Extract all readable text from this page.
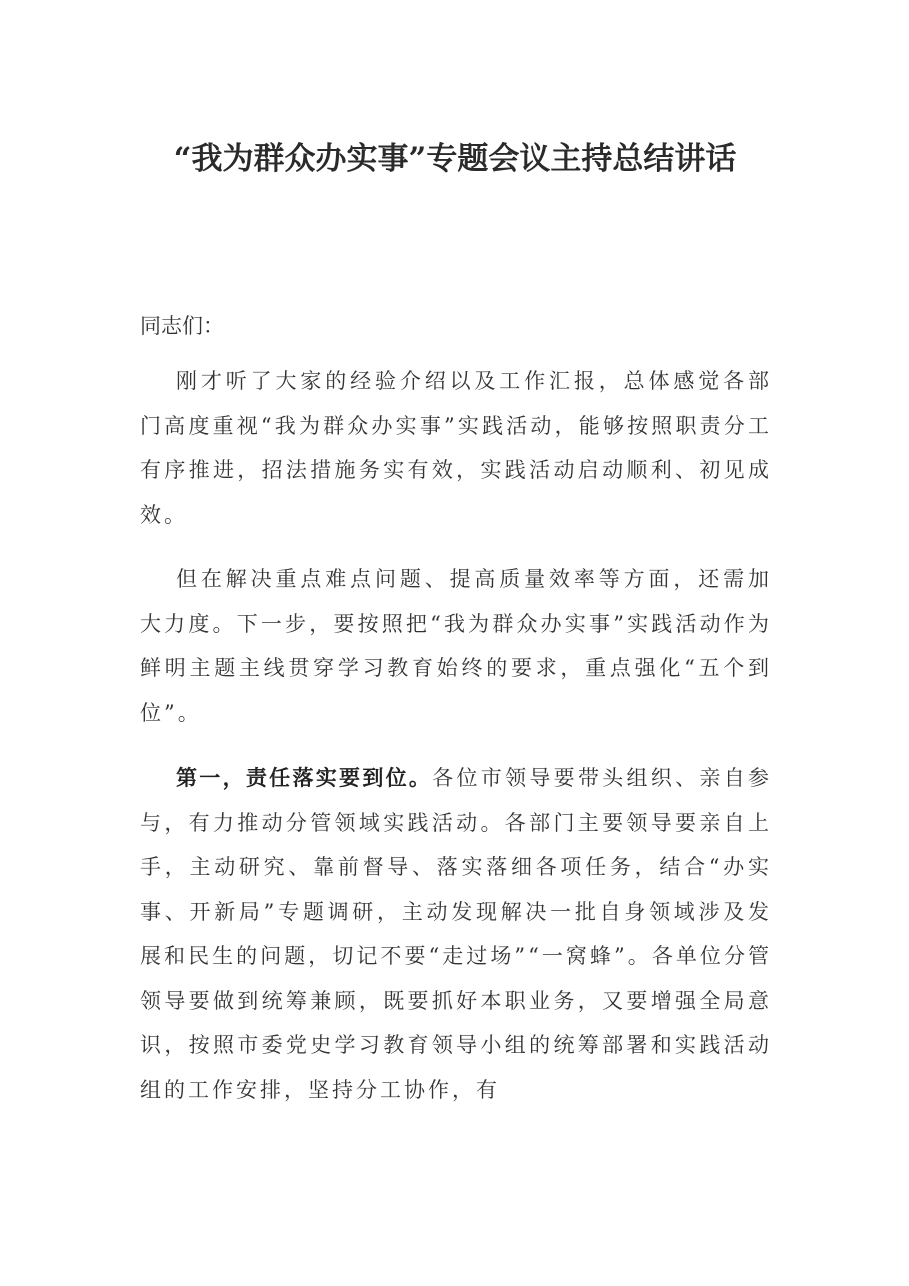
“我为群众办实事”专题会议主持总结讲话
同志们：

刚才听了大家的经验介绍以及工作汇报，总体感觉各部门高度重视“我为群众办实事”实践活动，能够按照职责分工有序推进，招法措施务实有效，实践活动启动顺利、初见成效。

但在解决重点难点问题、提高质量效率等方面，还需加大力度。下一步，要按照把“我为群众办实事”实践活动作为鲜明主题主线贯穿学习教育始终的要求，重点强化“五个到位”。

第一，责任落实要到位。各位市领导要带头组织、亲自参与，有力推动分管领域实践活动。各部门主要领导要亲自上手，主动研究、靠前督导、落实落细各项任务，结合“办实事、开新局”专题调研，主动发现解决一批自身领域涉及发展和民生的问题，切记不要“走过场”“一窝蜂”。各单位分管领导要做到统筹兼顾，既要抓好本职业务，又要增强全局意识，按照市委党史学习教育领导小组的统筹部署和实践活动组的工作安排，坚持分工协作，有
